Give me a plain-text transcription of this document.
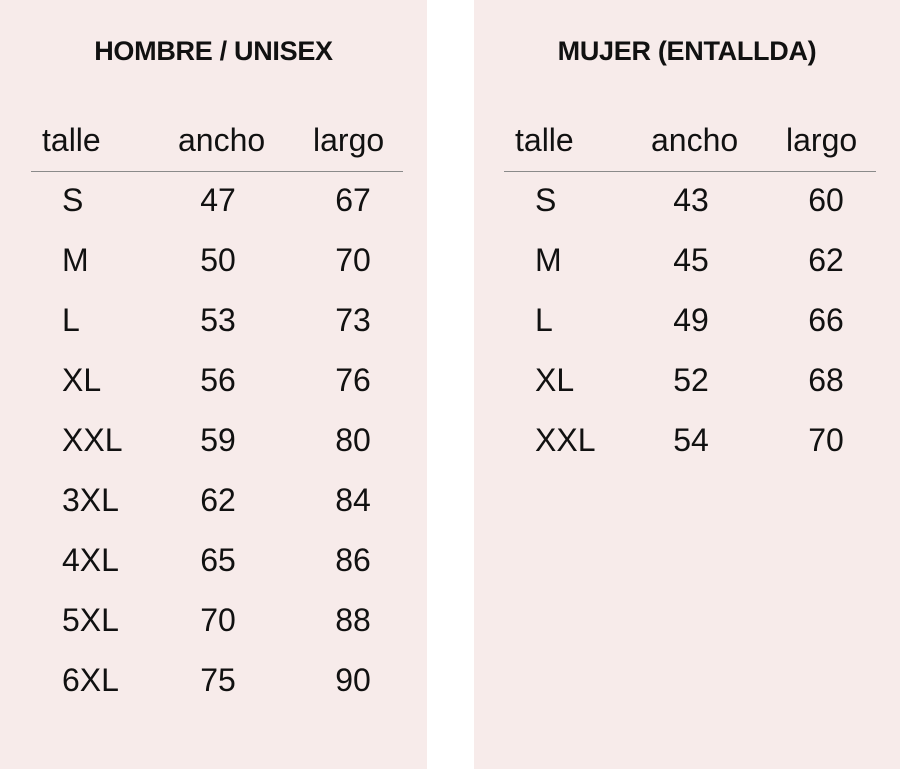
HOMBRE / UNISEX
talle ancho largo
S	47	67
M	50	70
L	53	73
XL	56	76
XXL	59	80
3XL	62	84
4XL	65	86
5XL	70	88
6XL	75	90
MUJER (ENTALLDA)
talle ancho largo
S	43	60
M	45	62
L	49	66
XL	52	68
XXL	54	70
